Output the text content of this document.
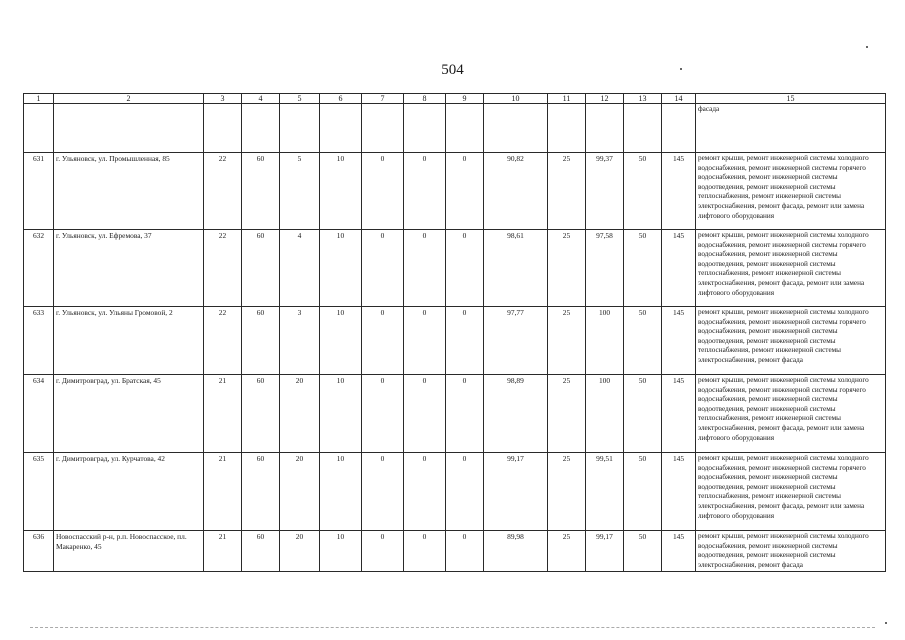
504
1	2	3	4	5	6	7	8	9	10	11	12	13	14	15
														фасада
631	г. Ульяновск, ул. Промышленная, 85	22	60	5	10	0	0	0	90,82	25	99,37	50	145	ремонт крыши, ремонт инженерной системы холодного водоснабжения, ремонт инженерной системы горячего водоснабжения, ремонт инженерной системы водоотведения, ремонт инженерной системы теплоснабжения, ремонт инженерной системы электроснабжения, ремонт фасада, ремонт или замена лифтового оборудования
632	г. Ульяновск, ул. Ефремова, 37	22	60	4	10	0	0	0	98,61	25	97,58	50	145	ремонт крыши, ремонт инженерной системы холодного водоснабжения, ремонт инженерной системы горячего водоснабжения, ремонт инженерной системы водоотведения, ремонт инженерной системы теплоснабжения, ремонт инженерной системы электроснабжения, ремонт фасада, ремонт или замена лифтового оборудования
633	г. Ульяновск, ул. Ульяны Громовой, 2	22	60	3	10	0	0	0	97,77	25	100	50	145	ремонт крыши, ремонт инженерной системы холодного водоснабжения, ремонт инженерной системы горячего водоснабжения, ремонт инженерной системы водоотведения, ремонт инженерной системы теплоснабжения, ремонт инженерной системы электроснабжения, ремонт фасада
634	г. Димитровград, ул. Братская, 45	21	60	20	10	0	0	0	98,89	25	100	50	145	ремонт крыши, ремонт инженерной системы холодного водоснабжения, ремонт инженерной системы горячего водоснабжения, ремонт инженерной системы водоотведения, ремонт инженерной системы теплоснабжения, ремонт инженерной системы электроснабжения, ремонт фасада, ремонт или замена лифтового оборудования
635	г. Димитровград, ул. Курчатова, 42	21	60	20	10	0	0	0	99,17	25	99,51	50	145	ремонт крыши, ремонт инженерной системы холодного водоснабжения, ремонт инженерной системы горячего водоснабжения, ремонт инженерной системы водоотведения, ремонт инженерной системы теплоснабжения, ремонт инженерной системы электроснабжения, ремонт фасада, ремонт или замена лифтового оборудования
636	Новоспасский р-н, р.п. Новоспасское, пл. Макаренко, 45	21	60	20	10	0	0	0	89,98	25	99,17	50	145	ремонт крыши, ремонт инженерной системы холодного водоснабжения, ремонт инженерной системы водоотведения, ремонт инженерной системы электроснабжения, ремонт фасада
